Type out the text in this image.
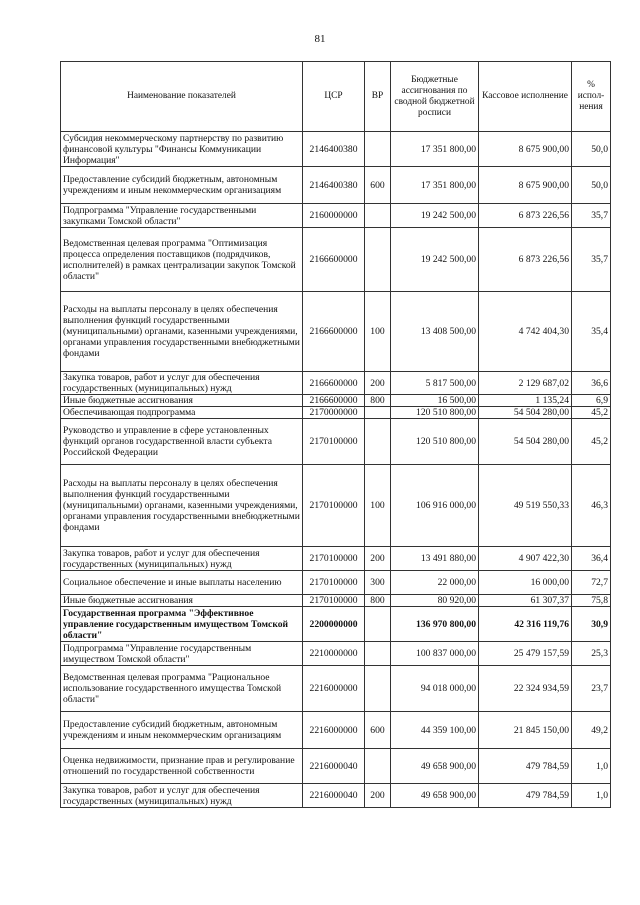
81
Наименование показателей	ЦСР	ВР	Бюджетные ассигнования по сводной бюджетной росписи	Кассовое исполнение	% испол-нения
Субсидия некоммерческому партнерству по развитию финансовой культуры "Финансы Коммуникации Информация"	2146400380		17 351 800,00	8 675 900,00	50,0
Предоставление субсидий бюджетным, автономным учреждениям и иным некоммерческим организациям	2146400380	600	17 351 800,00	8 675 900,00	50,0
Подпрограмма "Управление государственными закупками Томской области"	2160000000		19 242 500,00	6 873 226,56	35,7
Ведомственная целевая программа "Оптимизация процесса определения поставщиков (подрядчиков, исполнителей) в рамках централизации закупок Томской области"	2166600000		19 242 500,00	6 873 226,56	35,7
Расходы на выплаты персоналу в целях обеспечения выполнения функций государственными (муниципальными) органами, казенными учреждениями, органами управления государственными внебюджетными фондами	2166600000	100	13 408 500,00	4 742 404,30	35,4
Закупка товаров, работ и услуг для обеспечения государственных (муниципальных) нужд	2166600000	200	5 817 500,00	2 129 687,02	36,6
Иные бюджетные ассигнования	2166600000	800	16 500,00	1 135,24	6,9
Обеспечивающая подпрограмма	2170000000		120 510 800,00	54 504 280,00	45,2
Руководство и управление в сфере установленных функций органов государственной власти субъекта Российской Федерации	2170100000		120 510 800,00	54 504 280,00	45,2
Расходы на выплаты персоналу в целях обеспечения выполнения функций государственными (муниципальными) органами, казенными учреждениями, органами управления государственными внебюджетными фондами	2170100000	100	106 916 000,00	49 519 550,33	46,3
Закупка товаров, работ и услуг для обеспечения государственных (муниципальных) нужд	2170100000	200	13 491 880,00	4 907 422,30	36,4
Социальное обеспечение и иные выплаты населению	2170100000	300	22 000,00	16 000,00	72,7
Иные бюджетные ассигнования	2170100000	800	80 920,00	61 307,37	75,8
Государственная программа "Эффективное управление государственным имуществом Томской области"	2200000000		136 970 800,00	42 316 119,76	30,9
Подпрограмма "Управление государственным имуществом Томской области"	2210000000		100 837 000,00	25 479 157,59	25,3
Ведомственная целевая программа "Рациональное использование государственного имущества Томской области"	2216000000		94 018 000,00	22 324 934,59	23,7
Предоставление субсидий бюджетным, автономным учреждениям и иным некоммерческим организациям	2216000000	600	44 359 100,00	21 845 150,00	49,2
Оценка недвижимости, признание прав и регулирование отношений по государственной собственности	2216000040		49 658 900,00	479 784,59	1,0
Закупка товаров, работ и услуг для обеспечения государственных (муниципальных) нужд	2216000040	200	49 658 900,00	479 784,59	1,0
